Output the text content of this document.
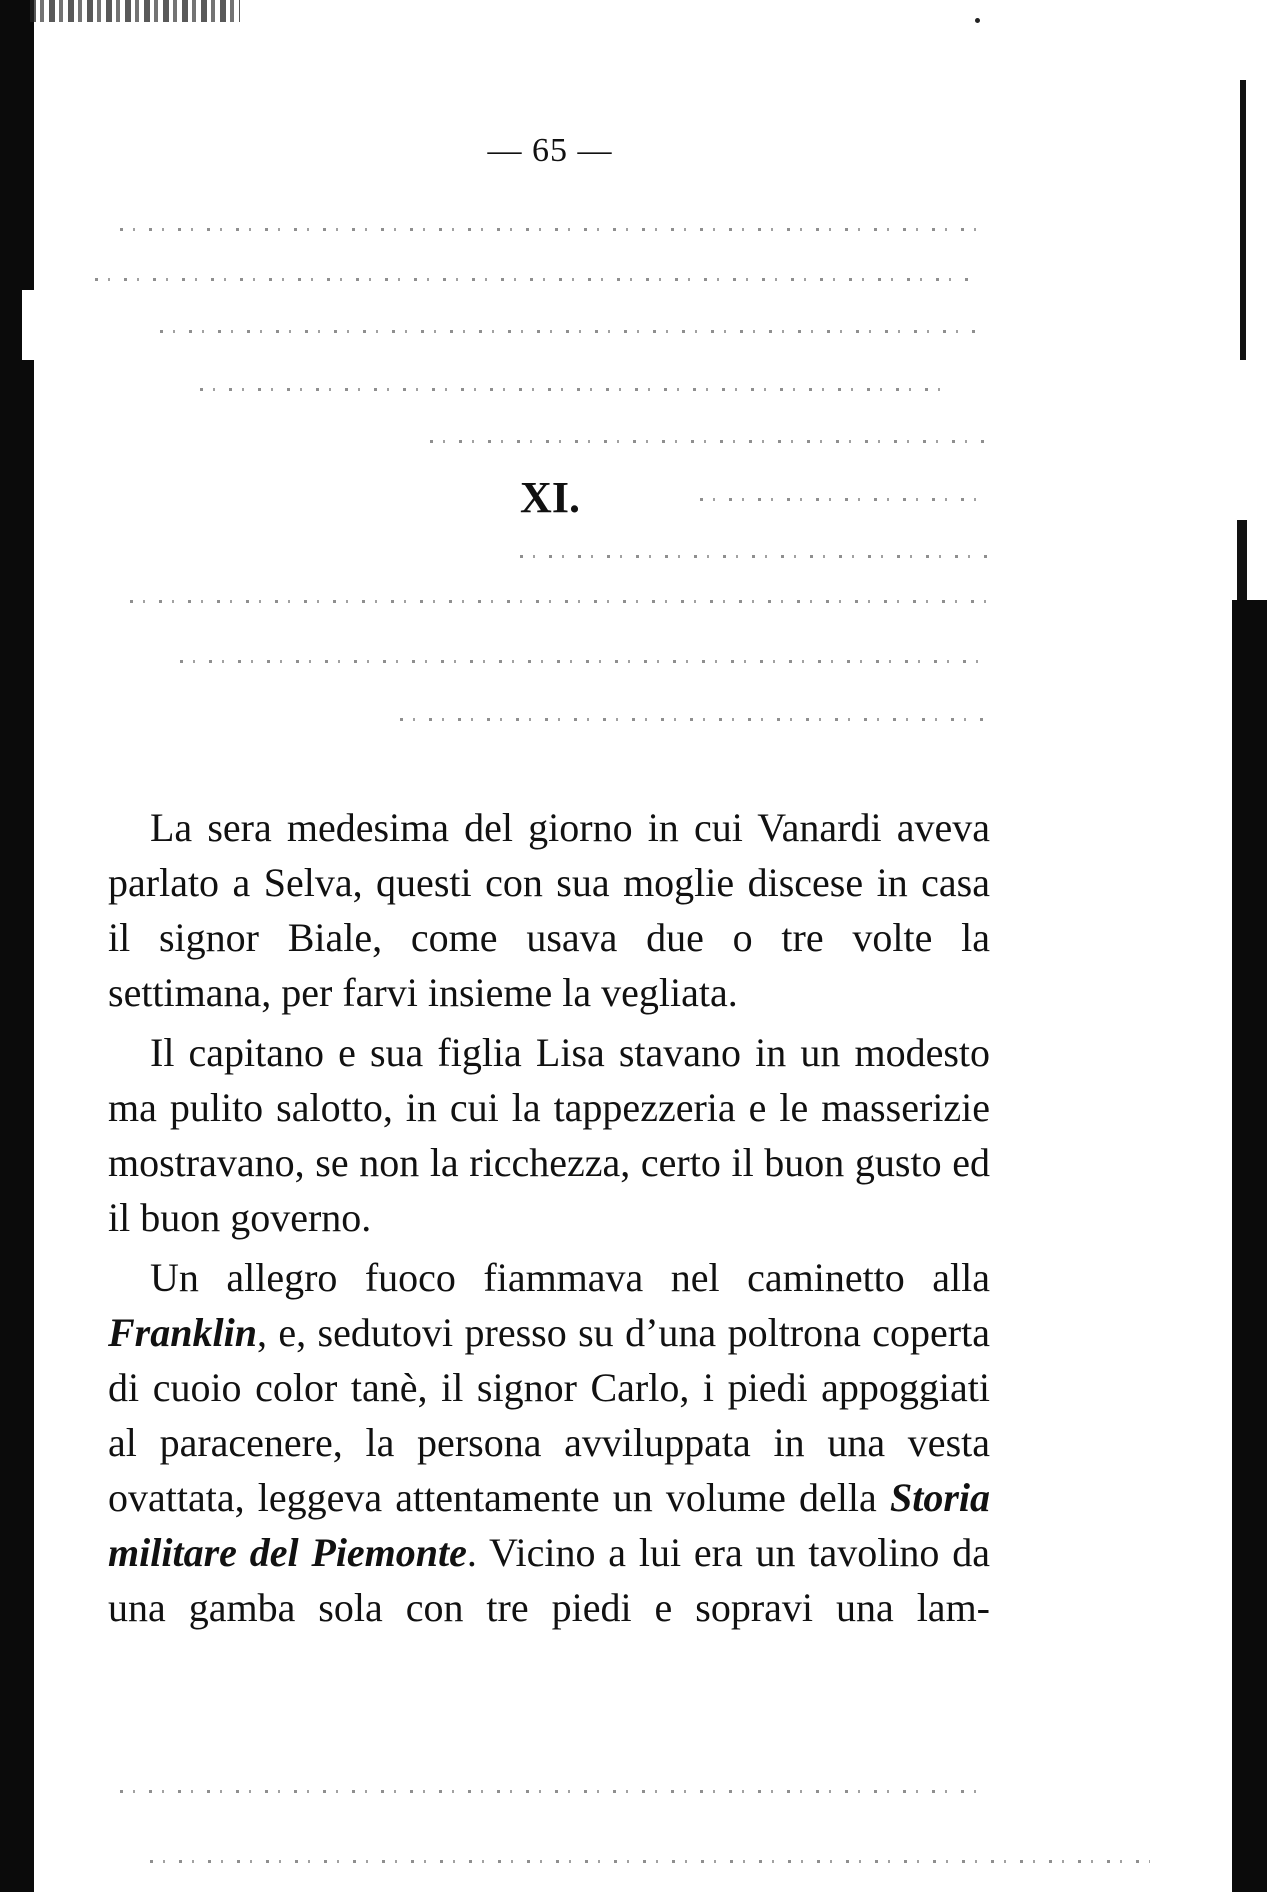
— 65 —
XI.

La sera medesima del giorno in cui Vanardi aveva parlato a Selva, questi con sua moglie discese in casa il signor Biale, come usava due o tre volte la settimana, per farvi insieme la vegliata.

Il capitano e sua figlia Lisa stavano in un modesto ma pulito salotto, in cui la tappezzeria e le masserizie mostravano, se non la ricchezza, certo il buon gusto ed il buon governo.

Un allegro fuoco fiammava nel caminetto alla Franklin, e, sedutovi presso su d’una poltrona coperta di cuoio color tanè, il signor Carlo, i piedi appoggiati al paracenere, la persona avviluppata in una vesta ovattata, leggeva attentamente un volume della Storia militare del Piemonte. Vicino a lui era un tavolino da una gamba sola con tre piedi e sopravi una lam-
